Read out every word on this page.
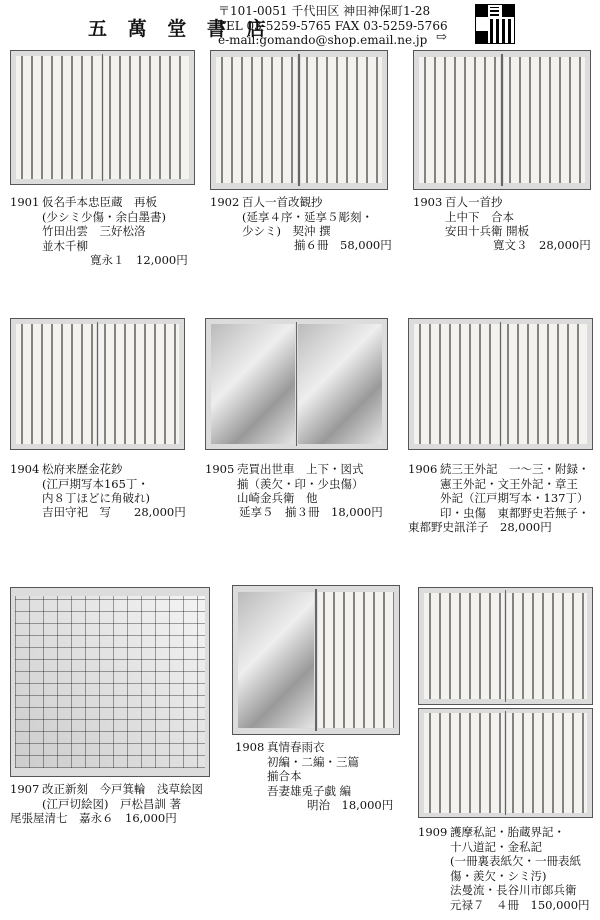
五 萬 堂 書 店
〒101-0051 千代田区 神田神保町1-28
TEL 03-5259-5765 FAX 03-5259-5766
e-mail:gomando@shop.email.ne.jp ⇨
1901 仮名手本忠臣蔵　再板
(少シミ少傷・余白墨書)
竹田出雲　三好松洛
並木千柳
寛永１　12,000円
1902 百人一首改観抄
(延享４序・延享５彫刻・
少シミ)　契沖 撰
揃６冊　58,000円
1903 百人一首抄
上中下　合本
安田十兵衛 開板
寛文３　28,000円
1904 松府来歴金花鈔
(江戸期写本165丁・
内８丁ほどに角破れ)
吉田守祀　写　　28,000円
1905 売買出世車　上下・図式
揃（羨欠・印・少虫傷）
山崎金兵衛　他
延享５　揃３冊　18,000円
1906 続三王外記　一〜三・附録・
憲王外記・文王外記・章王
外記（江戸期写本・137丁）
印・虫傷　東都野史若無子・
東都野史訊洋子　28,000円
1907 改正新刻　今戸箕輪　浅草絵図
(江戸切絵図)　戸松昌訓 著
尾張屋清七　嘉永６　16,000円
1908 真情春雨衣
初編・二編・三篇
揃合本
吾妻雄兎子戯 編
明治　18,000円
1909 護摩私記・胎蔵界記・
十八道記・金私記
(一冊裏表紙欠・一冊表紙
傷・羨欠・シミ汚)
法曼流・長谷川市郎兵衛
元禄７　４冊　150,000円
